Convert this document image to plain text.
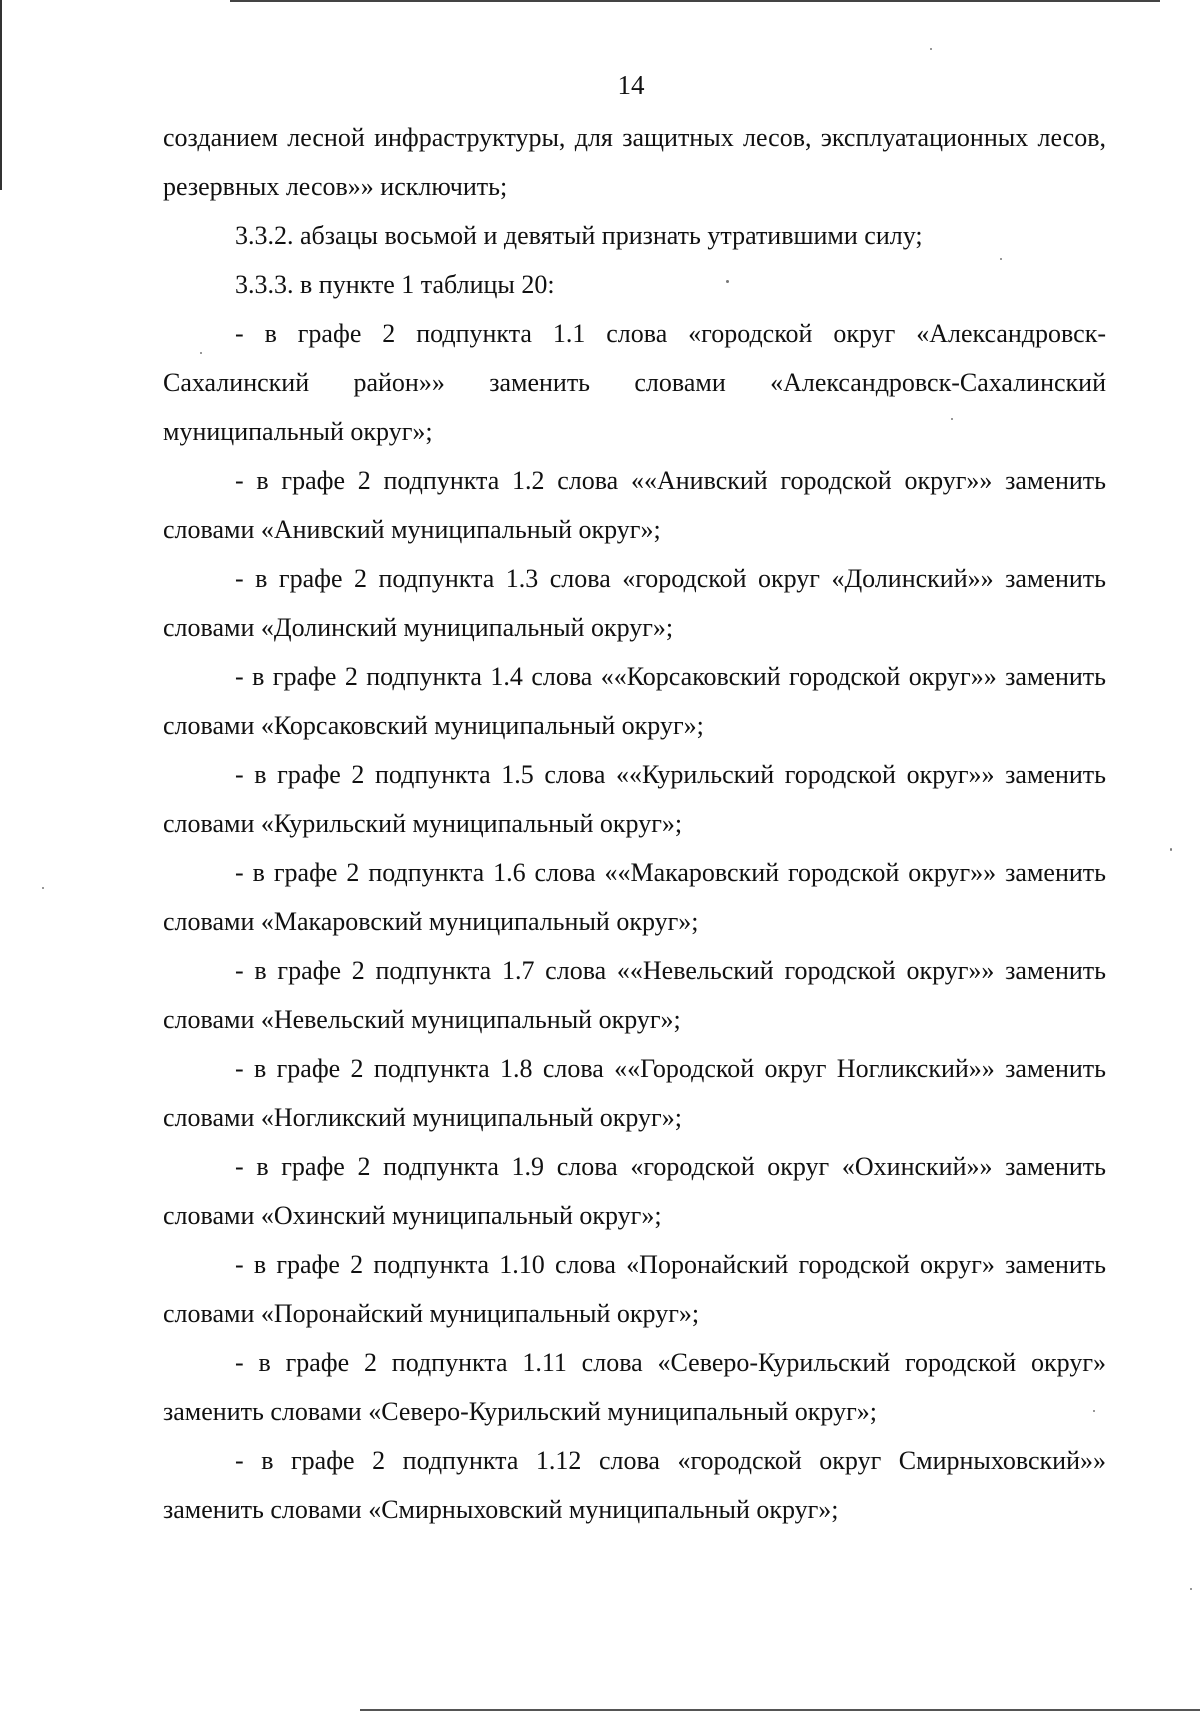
14

созданием лесной инфраструктуры, для защитных лесов, эксплуатационных лесов, резервных лесов»» исключить;

3.3.2. абзацы восьмой и девятый признать утратившими силу;

3.3.3. в пункте 1 таблицы 20:

- в графе 2 подпункта 1.1 слова «городской округ «Александровск-Сахалинский район»» заменить словами «Александровск-Сахалинский муниципальный округ»;

- в графе 2 подпункта 1.2 слова ««Анивский городской округ»» заменить словами «Анивский муниципальный округ»;

- в графе 2 подпункта 1.3 слова «городской округ «Долинский»» заменить словами «Долинский муниципальный округ»;

- в графе 2 подпункта 1.4 слова ««Корсаковский городской округ»» заменить словами «Корсаковский муниципальный округ»;

- в графе 2 подпункта 1.5 слова ««Курильский городской округ»» заменить словами «Курильский муниципальный округ»;

- в графе 2 подпункта 1.6 слова ««Макаровский городской округ»» заменить словами «Макаровский муниципальный округ»;

- в графе 2 подпункта 1.7 слова ««Невельский городской округ»» заменить словами «Невельский муниципальный округ»;

- в графе 2 подпункта 1.8 слова ««Городской округ Ногликский»» заменить словами «Ногликский муниципальный округ»;

- в графе 2 подпункта 1.9 слова «городской округ «Охинский»» заменить словами «Охинский муниципальный округ»;

- в графе 2 подпункта 1.10 слова «Поронайский городской округ» заменить словами «Поронайский муниципальный округ»;

- в графе 2 подпункта 1.11 слова «Северо-Курильский городской округ» заменить словами «Северо-Курильский муниципальный округ»;

- в графе 2 подпункта 1.12 слова «городской округ Смирныховский»» заменить словами «Смирныховский муниципальный округ»;
